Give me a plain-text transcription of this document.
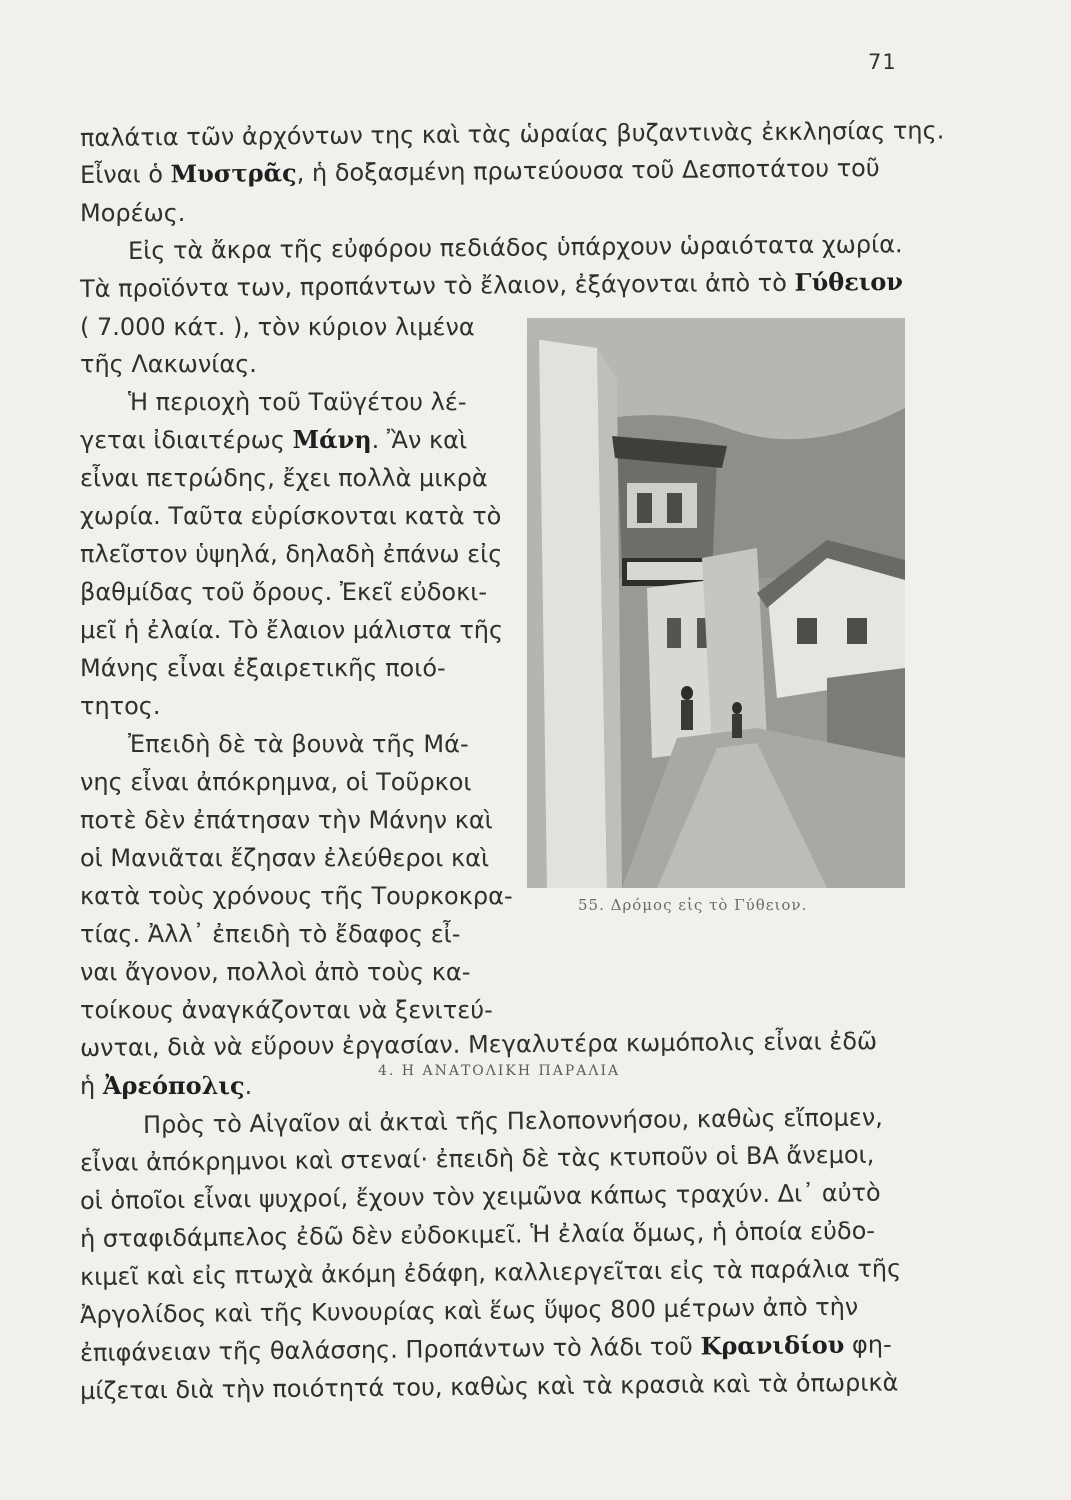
71
παλάτια τῶν ἀρχόντων της καὶ τὰς ὡραίας βυζαντινὰς ἐκκλησίας της.
Εἶναι ὁ Μυστρᾶς, ἡ δοξασμένη πρωτεύουσα τοῦ Δεσποτάτου τοῦ
Μορέως.
Εἰς τὰ ἄκρα τῆς εὐφόρου πεδιάδος ὑπάρχουν ὡραιότατα χωρία.
Τὰ προϊόντα των, προπάντων τὸ ἔλαιον, ἐξάγονται ἀπὸ τὸ Γύθειον
( 7.000 κάτ. ), τὸν κύριον λιμένα
τῆς Λακωνίας.
Ἡ περιοχὴ τοῦ Ταϋγέτου λέ-
γεται ἰδιαιτέρως Μάνη. Ἂν καὶ
εἶναι πετρώδης, ἔχει πολλὰ μικρὰ
χωρία. Ταῦτα εὑρίσκονται κατὰ τὸ
πλεῖστον ὑψηλά, δηλαδὴ ἐπάνω εἰς
βαθμίδας τοῦ ὄρους. Ἐκεῖ εὐδοκι-
μεῖ ἡ ἐλαία. Τὸ ἔλαιον μάλιστα τῆς
Μάνης εἶναι ἐξαιρετικῆς ποιό-
τητος.
Ἐπειδὴ δὲ τὰ βουνὰ τῆς Μά-
νης εἶναι ἀπόκρημνα, οἱ Τοῦρκοι
ποτὲ δὲν ἐπάτησαν τὴν Μάνην καὶ
οἱ Μανιᾶται ἔζησαν ἐλεύθεροι καὶ
κατὰ τοὺς χρόνους τῆς Τουρκοκρα-
τίας. Ἀλλ᾿ ἐπειδὴ τὸ ἔδαφος εἶ-
ναι ἄγονον, πολλοὶ ἀπὸ τοὺς κα-
τοίκους ἀναγκάζονται νὰ ξενιτεύ-
ωνται, διὰ νὰ εὕρουν ἐργασίαν. Μεγαλυτέρα κωμόπολις εἶναι ἐδῶ
ἡ Ἀρεόπολις.
55. Δρόμος εἰς τὸ Γύθειον.
4. Η ΑΝΑΤΟΛΙΚΗ ΠΑΡΑΛΙΑ
Πρὸς τὸ Αἰγαῖον αἱ ἀκταὶ τῆς Πελοποννήσου, καθὼς εἴπομεν,
εἶναι ἀπόκρημνοι καὶ στεναί· ἐπειδὴ δὲ τὰς κτυποῦν οἱ ΒΑ ἄνεμοι,
οἱ ὁποῖοι εἶναι ψυχροί, ἔχουν τὸν χειμῶνα κάπως τραχύν. Δι᾿ αὐτὸ
ἡ σταφιδάμπελος ἐδῶ δὲν εὐδοκιμεῖ. Ἡ ἐλαία ὅμως, ἡ ὁποία εὐδο-
κιμεῖ καὶ εἰς πτωχὰ ἀκόμη ἐδάφη, καλλιεργεῖται εἰς τὰ παράλια τῆς
Ἀργολίδος καὶ τῆς Κυνουρίας καὶ ἕως ὕψος 800 μέτρων ἀπὸ τὴν
ἐπιφάνειαν τῆς θαλάσσης. Προπάντων τὸ λάδι τοῦ Κρανιδίου φη-
μίζεται διὰ τὴν ποιότητά του, καθὼς καὶ τὰ κρασιὰ καὶ τὰ ὀπωρικὰ
